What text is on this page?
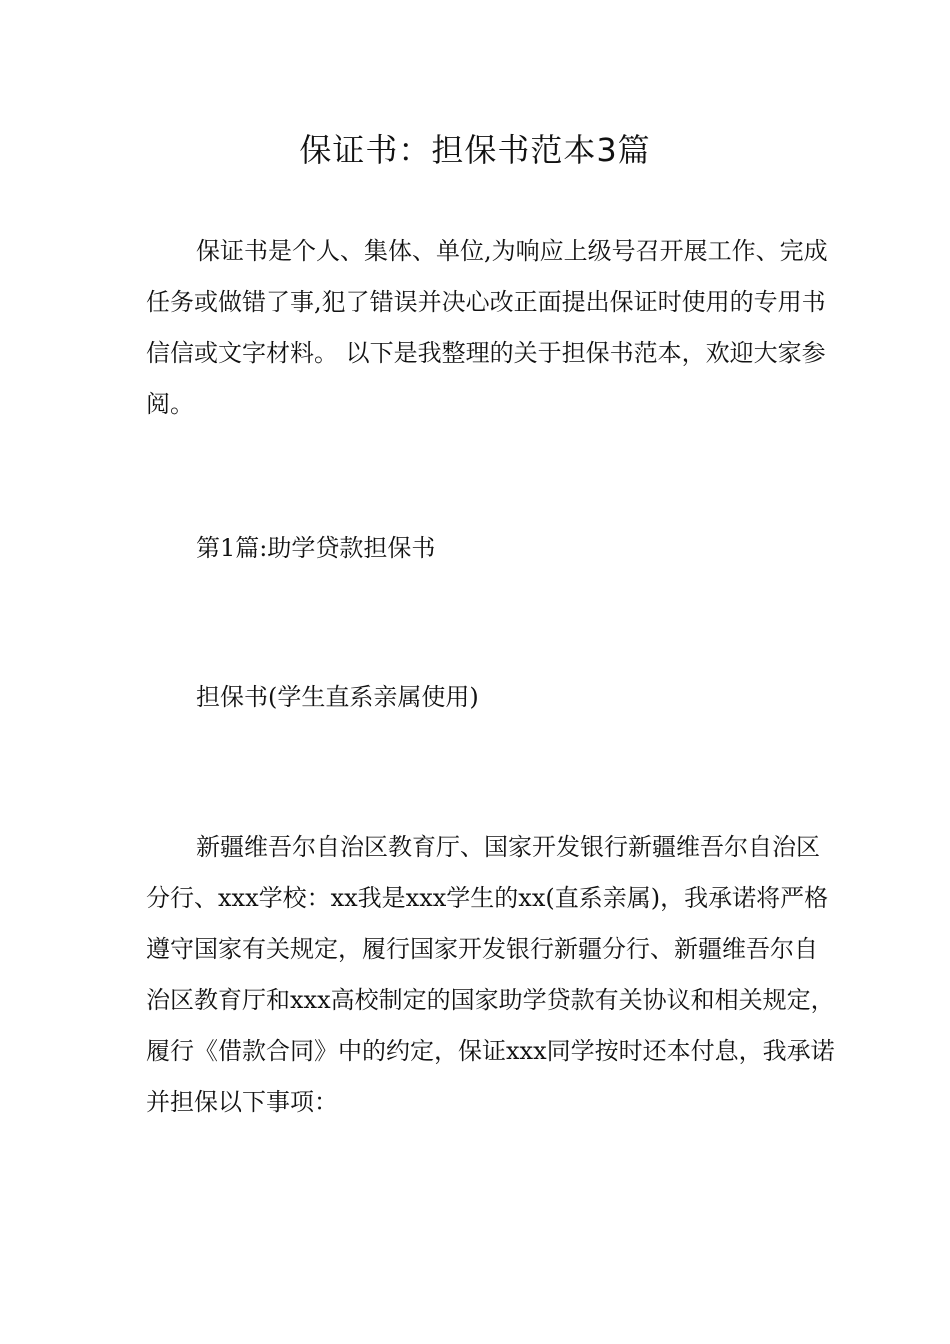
保证书：担保书范本3篇

保证书是个人、集体、单位,为响应上级号召开展工作、完成任务或做错了事,犯了错误并决心改正面提出保证时使用的专用书信信或文字材料。 以下是我整理的关于担保书范本，欢迎大家参阅。

第1篇:助学贷款担保书

担保书(学生直系亲属使用)

新疆维吾尔自治区教育厅、国家开发银行新疆维吾尔自治区分行、xxx学校：xx我是xxx学生的xx(直系亲属)，我承诺将严格遵守国家有关规定，履行国家开发银行新疆分行、新疆维吾尔自治区教育厅和xxx高校制定的国家助学贷款有关协议和相关规定，履行《借款合同》中的约定，保证xxx同学按时还本付息，我承诺并担保以下事项：
